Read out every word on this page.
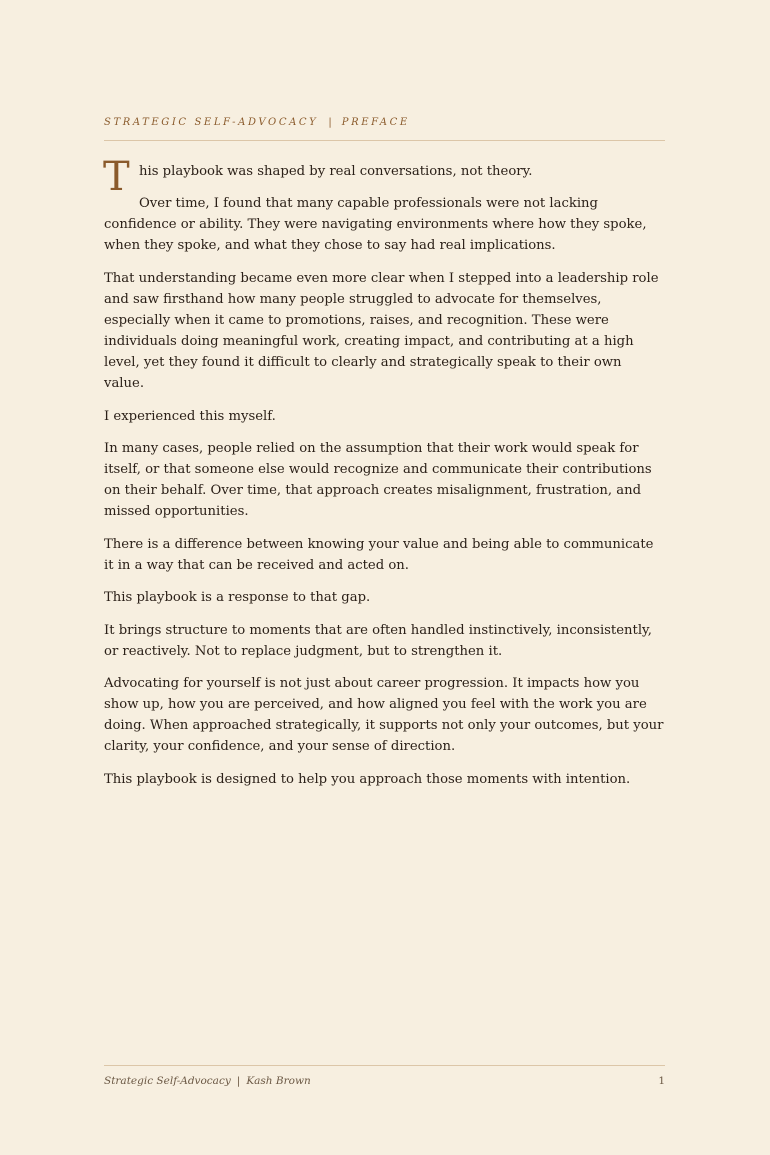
STRATEGIC SELF-ADVOCACY | PREFACE

T his playbook was shaped by real conversations, not theory.

Over time, I found that many capable professionals were not lacking confidence or ability. They were navigating environments where how they spoke, when they spoke, and what they chose to say had real implications.

That understanding became even more clear when I stepped into a leadership role and saw firsthand how many people struggled to advocate for themselves, especially when it came to promotions, raises, and recognition. These were individuals doing meaningful work, creating impact, and contributing at a high level, yet they found it difficult to clearly and strategically speak to their own value.

I experienced this myself.

In many cases, people relied on the assumption that their work would speak for itself, or that someone else would recognize and communicate their contributions on their behalf. Over time, that approach creates misalignment, frustration, and missed opportunities.

There is a difference between knowing your value and being able to communicate it in a way that can be received and acted on.

This playbook is a response to that gap.

It brings structure to moments that are often handled instinctively, inconsistently, or reactively. Not to replace judgment, but to strengthen it.

Advocating for yourself is not just about career progression. It impacts how you show up, how you are perceived, and how aligned you feel with the work you are doing. When approached strategically, it supports not only your outcomes, but your clarity, your confidence, and your sense of direction.

This playbook is designed to help you approach those moments with intention.

Strategic Self-Advocacy | Kash Brown	1
